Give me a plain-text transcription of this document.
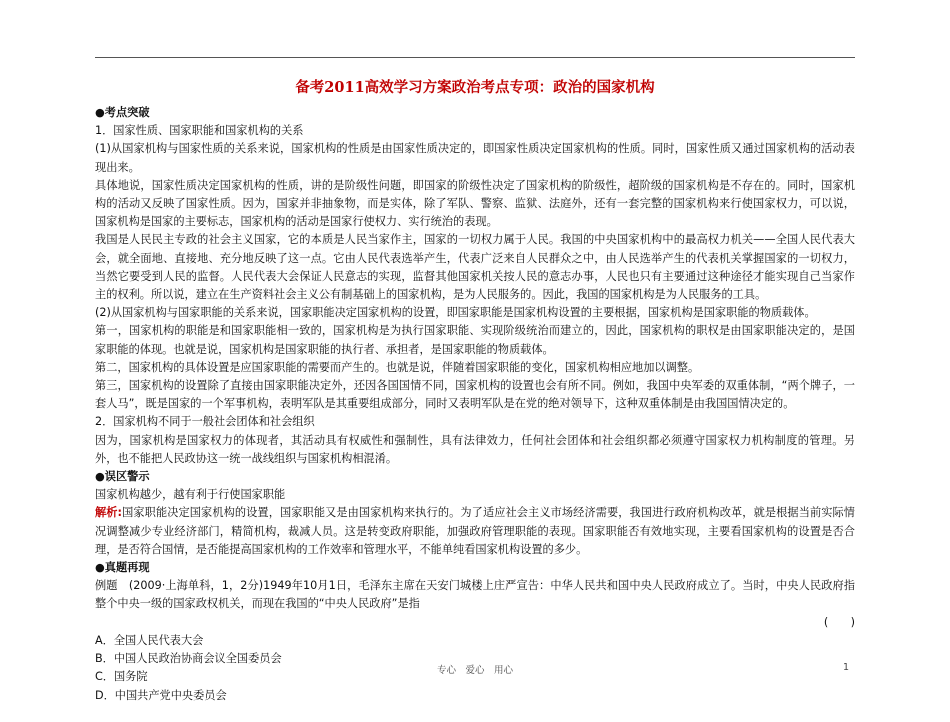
备考2011高效学习方案政治考点专项：政治的国家机构

●考点突破

1．国家性质、国家职能和国家机构的关系

(1)从国家机构与国家性质的关系来说，国家机构的性质是由国家性质决定的，即国家性质决定国家机构的性质。同时，国家性质又通过国家机构的活动表现出来。

具体地说，国家性质决定国家机构的性质，讲的是阶级性问题，即国家的阶级性决定了国家机构的阶级性，超阶级的国家机构是不存在的。同时，国家机构的活动又反映了国家性质。因为，国家并非抽象物，而是实体，除了军队、警察、监狱、法庭外，还有一套完整的国家机构来行使国家权力，可以说，国家机构是国家的主要标志，国家机构的活动是国家行使权力、实行统治的表现。

我国是人民民主专政的社会主义国家，它的本质是人民当家作主，国家的一切权力属于人民。我国的中央国家机构中的最高权力机关——全国人民代表大会，就全面地、直接地、充分地反映了这一点。它由人民代表选举产生，代表广泛来自人民群众之中，由人民选举产生的代表机关掌握国家的一切权力，当然它要受到人民的监督。人民代表大会保证人民意志的实现，监督其他国家机关按人民的意志办事，人民也只有主要通过这种途径才能实现自己当家作主的权利。所以说，建立在生产资料社会主义公有制基础上的国家机构，是为人民服务的。因此，我国的国家机构是为人民服务的工具。

(2)从国家机构与国家职能的关系来说，国家职能决定国家机构的设置，即国家职能是国家机构设置的主要根据，国家机构是国家职能的物质载体。

第一，国家机构的职能是和国家职能相一致的，国家机构是为执行国家职能、实现阶级统治而建立的，因此，国家机构的职权是由国家职能决定的，是国家职能的体现。也就是说，国家机构是国家职能的执行者、承担者，是国家职能的物质载体。

第二，国家机构的具体设置是应国家职能的需要而产生的。也就是说，伴随着国家职能的变化，国家机构相应地加以调整。

第三，国家机构的设置除了直接由国家职能决定外，还因各国国情不同，国家机构的设置也会有所不同。例如，我国中央军委的双重体制，“两个牌子，一套人马”，既是国家的一个军事机构，表明军队是其重要组成部分，同时又表明军队是在党的绝对领导下，这种双重体制是由我国国情决定的。

2．国家机构不同于一般社会团体和社会组织

因为，国家机构是国家权力的体现者，其活动具有权威性和强制性，具有法律效力，任何社会团体和社会组织都必须遵守国家权力机构制度的管理。另外，也不能把人民政协这一统一战线组织与国家机构相混淆。

●误区警示

国家机构越少，越有利于行使国家职能

解析:国家职能决定国家机构的设置，国家职能又是由国家机构来执行的。为了适应社会主义市场经济需要，我国进行政府机构改革，就是根据当前实际情况调整减少专业经济部门，精简机构，裁减人员。这是转变政府职能，加强政府管理职能的表现。国家职能否有效地实现，主要看国家机构的设置是否合理，是否符合国情，是否能提高国家机构的工作效率和管理水平，不能单纯看国家机构设置的多少。

●真题再现

例题　(2009·上海单科，1，2分)1949年10月1日，毛泽东主席在天安门城楼上庄严宣告：中华人民共和国中央人民政府成立了。当时，中央人民政府指整个中央一级的国家政权机关，而现在我国的“中央人民政府”是指

(　　)

A．全国人民代表大会

B．中国人民政治协商会议全国委员会

C．国务院

D．中国共产党中央委员会

专心　爱心　用心	1
